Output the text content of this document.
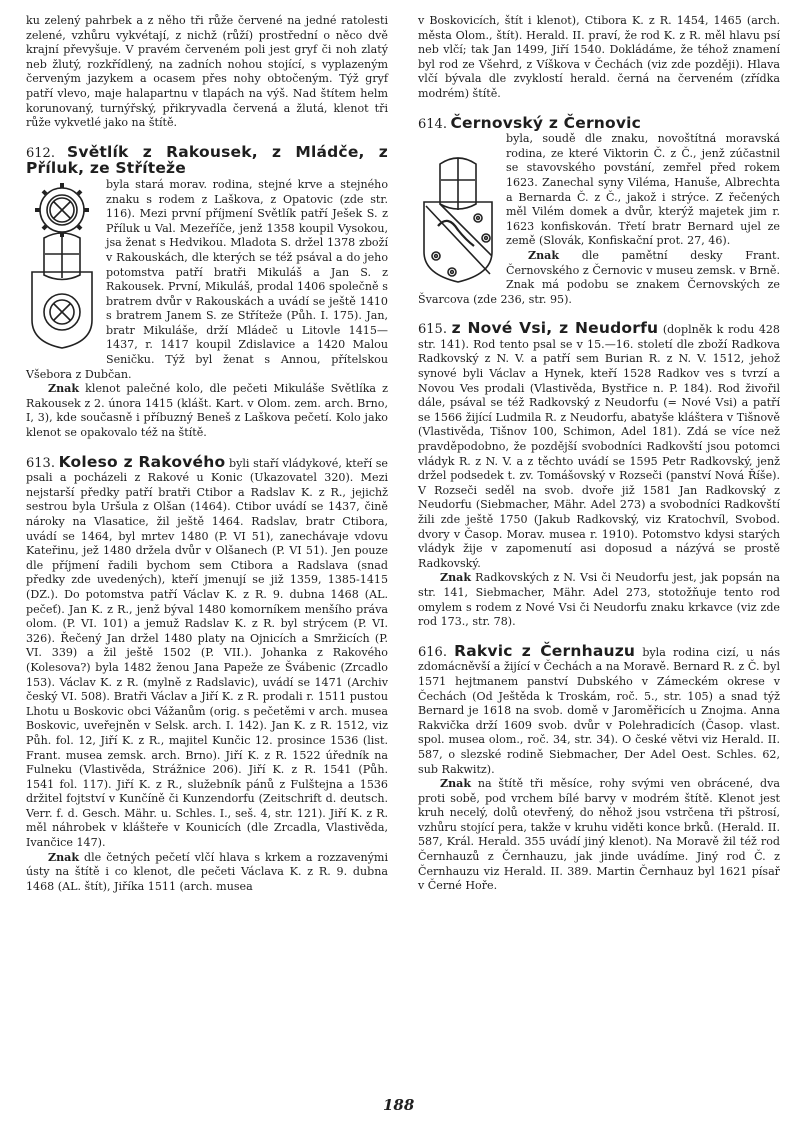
ku zelený pahrbek a z něho tři růže červené na jedné ratolesti zelené, vzhůru vykvétají, z nichž (růží) prostřední o něco dvě krajní převyšuje. V pravém červeném poli jest gryf či noh zlatý neb žlutý, rozkřídlený, na zadních nohou stojící, s vyplazeným červeným jazykem a ocasem přes nohy obtočeným. Týž gryf patří vlevo, maje halapartnu v tlapách na výš. Nad štítem helm korunovaný, turnýřský, přikryvadla červená a žlutá, klenot tři růže vykvetlé jako na štítě.

612. Světlík z Rakousek, z Mládče, z Příluk, ze Stříteže

byla stará morav. rodina, stejné krve a stejného znaku s rodem z Laškova, z Opatovic (zde str. 116). Mezi první příjmení Světlík patří Ješek S. z Příluk u Val. Mezeříče, jenž 1358 koupil Vysokou, jsa ženat s Hedvikou. Mladota S. držel 1378 zboží v Rakouskách, dle kterých se též psával a do jeho potomstva patří bratři Mikuláš a Jan S. z Rakousek. První, Mikuláš, prodal 1406 společně s bratrem dvůr v Rakouskách a uvádí se ještě 1410 s bratrem Janem S. ze Stříteže (Půh. I. 175). Jan, bratr Mikuláše, drží Mládeč u Litovle 1415—1437, r. 1417 koupil Zdislavice a 1420 Malou Seničku. Týž byl ženat s Annou, přítelskou Všebora z Dubčan.

Znak klenot palečné kolo, dle pečeti Mikuláše Světlíka z Rakousek z 2. února 1415 (klášt. Kart. v Olom. zem. arch. Brno, I, 3), kde současně i příbuzný Beneš z Laškova pečetí. Kolo jako klenot se opakovalo též na štítě.

613. Koleso z Rakového byli staří vládykové, kteří se psali a pocházeli z Rakové u Konic (Ukazovatel 320). Mezi nejstarší předky patří bratři Ctibor a Radslav K. z R., jejichž sestrou byla Uršula z Olšan (1464). Ctibor uvádí se 1437, čině nároky na Vlasatice, žil ještě 1464. Radslav, bratr Ctibora, uvádí se 1464, byl mrtev 1480 (P. VI 51), zanechávaje vdovu Kateřinu, jež 1480 držela dvůr v Olšanech (P. VI 51). Jen pouze dle příjmení řadili bychom sem Ctibora a Radslava (snad předky zde uvedených), kteří jmenují se již 1359, 1385-1415 (DZ.). Do potomstva patří Václav K. z R. 9. dubna 1468 (AL. pečeť). Jan K. z R., jenž býval 1480 komorníkem menšího práva olom. (P. VI. 101) a jemuž Radslav K. z R. byl strýcem (P. VI. 326). Řečený Jan držel 1480 platy na Ojnicích a Smržicích (P. VI. 339) a žil ještě 1502 (P. VII.). Johanka z Rakového (Kolesova?) byla 1482 ženou Jana Papeže ze Švábenic (Zrcadlo 153). Václav K. z R. (mylně z Radslavic), uvádí se 1471 (Archiv český VI. 508). Bratři Václav a Jiří K. z R. prodali r. 1511 pustou Lhotu u Boskovic obci Vážanům (orig. s pečetěmi v arch. musea Boskovic, uveřejněn v Selsk. arch. I. 142). Jan K. z R. 1512, viz Půh. fol. 12, Jiří K. z R., majitel Kunčic 12. prosince 1536 (list. Frant. musea zemsk. arch. Brno). Jiří K. z R. 1522 úředník na Fulneku (Vlastivěda, Strážnice 206). Jiří K. z R. 1541 (Půh. 1541 fol. 117). Jiří K. z R., služebník pánů z Fulštejna a 1536 držitel fojtství v Kunčíně či Kunzendorfu (Zeitschrift d. deutsch. Verr. f. d. Gesch. Mähr. u. Schles. I., seš. 4, str. 121). Jiří K. z R. měl náhrobek v klášteře v Kounicích (dle Zrcadla, Vlastivěda, Ivančice 147).

Znak dle četných pečetí vlčí hlava s krkem a rozzavenými ústy na štítě i co klenot, dle pečeti Václava K. z R. 9. dubna 1468 (AL. štít), Jiříka 1511 (arch. musea

v Boskovicích, štít i klenot), Ctibora K. z R. 1454, 1465 (arch. města Olom., štít). Herald. II. praví, že rod K. z R. měl hlavu psí neb vlčí; tak Jan 1499, Jiří 1540. Dokládáme, že téhož znamení byl rod ze Všehrd, z Víškova v Čechách (viz zde později). Hlava vlčí bývala dle zvyklostí herald. černá na červeném (zřídka modrém) štítě.

614. Černovský z Černovic

byla, soudě dle znaku, novoštítná moravská rodina, ze které Viktorin Č. z Č., jenž zúčastnil se stavovského povstání, zemřel před rokem 1623. Zanechal syny Viléma, Hanuše, Albrechta a Bernarda Č. z Č., jakož i strýce. Z řečených měl Vilém domek a dvůr, kterýž majetek jim r. 1623 konfiskován. Třetí bratr Bernard ujel ze země (Slovák, Konfiskační prot. 27, 46).

Znak dle pamětní desky Frant. Černovského z Černovic v museu zemsk. v Brně. Znak má podobu se znakem Černovských ze Švarcova (zde 236, str. 95).

615. z Nové Vsi, z Neudorfu (doplněk k rodu 428 str. 141). Rod tento psal se v 15.—16. století dle zboží Radkova Radkovský z N. V. a patří sem Burian R. z N. V. 1512, jehož synové byli Václav a Hynek, kteří 1528 Radkov ves s tvrzí a Novou Ves prodali (Vlastivěda, Bystřice n. P. 184). Rod živořil dále, psával se též Radkovský z Neudorfu (= Nové Vsi) a patří se 1566 žijící Ludmila R. z Neudorfu, abatyše kláštera v Tišnově (Vlastivěda, Tišnov 100, Schimon, Adel 181). Zdá se více než pravděpodobno, že pozdější svobodníci Radkovští jsou potomci vládyk R. z N. V. a z těchto uvádí se 1595 Petr Radkovský, jenž držel podsedek t. zv. Tomášovský v Rozseči (panství Nová Říše). V Rozseči seděl na svob. dvoře již 1581 Jan Radkovský z Neudorfu (Siebmacher, Mähr. Adel 273) a svobodníci Radkovští žili zde ještě 1750 (Jakub Radkovský, viz Kratochvíl, Svobod. dvory v Časop. Morav. musea r. 1910). Potomstvo kdysi starých vládyk žije v zapomenutí asi doposud a názývá se prostě Radkovský.

Znak Radkovských z N. Vsi či Neudorfu jest, jak popsán na str. 141, Siebmacher, Mähr. Adel 273, stotožňuje tento rod omylem s rodem z Nové Vsi či Neudorfu znaku krkavce (viz zde rod 173., str. 78).

616. Rakvic z Černhauzu byla rodina cizí, u nás zdomácněvší a žijící v Čechách a na Moravě. Bernard R. z Č. byl 1571 hejtmanem panství Dubského v Zámeckém okrese v Čechách (Od Ještěda k Troskám, roč. 5., str. 105) a snad týž Bernard je 1618 na svob. domě v Jaroměřicích u Znojma. Anna Rakvička drží 1609 svob. dvůr v Polehradicích (Časop. vlast. spol. musea olom., roč. 34, str. 34). O české větvi viz Herald. II. 587, o slezské rodině Siebmacher, Der Adel Oest. Schles. 62, sub Rakwitz).

Znak na štítě tři měsíce, rohy svými ven obrácené, dva proti sobě, pod vrchem bílé barvy v modrém štítě. Klenot jest kruh necelý, dolů otevřený, do něhož jsou vstrčena tři pštrosí, vzhůru stojící pera, takže v kruhu viděti konce brků. (Herald. II. 587, Král. Herald. 355 uvádí jiný klenot). Na Moravě žil též rod Černhauzů z Černhauzu, jak jinde uvádíme. Jiný rod Č. z Černhauzu viz Herald. II. 389. Martin Černhauz byl 1621 písař v Černé Hoře.

188
